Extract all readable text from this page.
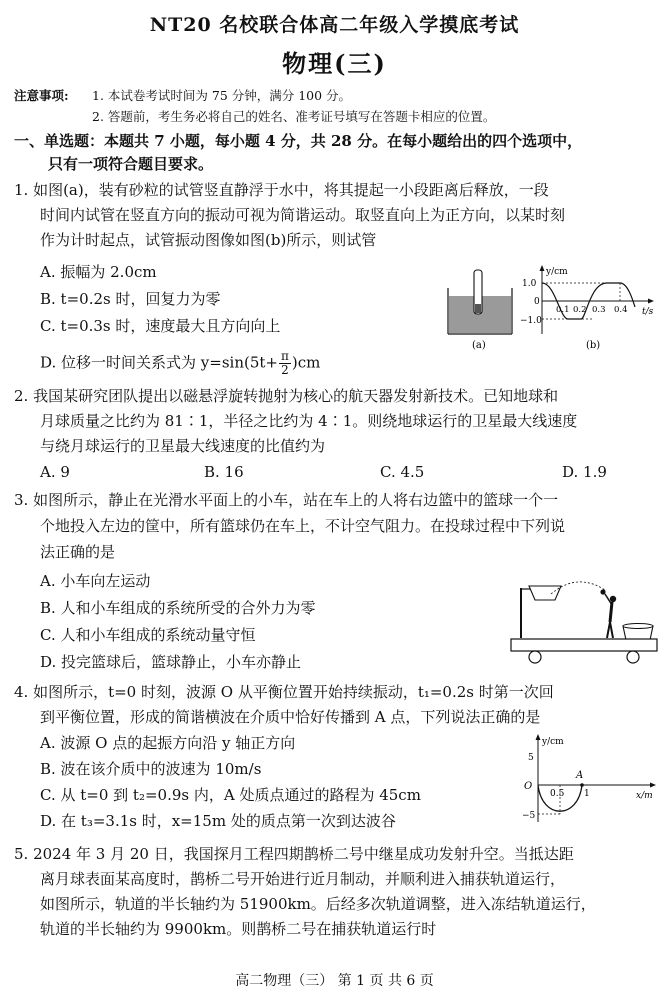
NT20 名校联合体高二年级入学摸底考试
物理(三)
注意事项: 1. 本试卷考试时间为 75 分钟，满分 100 分。
2. 答题前，考生务必将自己的姓名、准考证号填写在答题卡相应的位置。
一、单选题：本题共 7 小题，每小题 4 分，共 28 分。在每小题给出的四个选项中，
只有一项符合题目要求。
1. 如图(a)，装有砂粒的试管竖直静浮于水中，将其提起一小段距离后释放，一段
时间内试管在竖直方向的振动可视为简谐运动。取竖直向上为正方向，以某时刻
作为计时起点，试管振动图像如图(b)所示，则试管
A. 振幅为 2.0cm
B. t=0.2s 时，回复力为零
C. t=0.3s 时，速度最大且方向向上
D. 位移一时间关系式为 $y=\sin(5t+ \frac{\pi}{2} )cm$
(a)
y/cm
1.0
0
−1.0
t/s
0.1 0.2 0.3 0.4
(b)
2. 我国某研究团队提出以磁悬浮旋转抛射为核心的航天器发射新技术。已知地球和
月球质量之比约为 81∶1，半径之比约为 4∶1。则绕地球运行的卫星最大线速度
与绕月球运行的卫星最大线速度的比值约为
A. 9	B. 16	C. 4.5	D. 1.9
3. 如图所示，静止在光滑水平面上的小车，站在车上的人将右边篮中的篮球一个一
个地投入左边的筐中，所有篮球仍在车上，不计空气阻力。在投球过程中下列说
法正确的是
A. 小车向左运动
B. 人和小车组成的系统所受的合外力为零
C. 人和小车组成的系统动量守恒
D. 投完篮球后，篮球静止，小车亦静止
4. 如图所示，t=0 时刻，波源 O 从平衡位置开始持续振动，t₁=0.2s 时第一次回
到平衡位置，形成的简谐横波在介质中恰好传播到 A 点，下列说法正确的是
A. 波源 O 点的起振方向沿 y 轴正方向
B. 波在该介质中的波速为 10m/s
C. 从 t=0 到 t₂=0.9s 内，A 处质点通过的路程为 45cm
D. 在 t₃=3.1s 时，x=15m 处的质点第一次到达波谷
y/cm
5
O
−5
0.5 1
A
x/m
5. 2024 年 3 月 20 日，我国探月工程四期鹊桥二号中继星成功发射升空。当抵达距
离月球表面某高度时，鹊桥二号开始进行近月制动，并顺利进入捕获轨道运行，
如图所示，轨道的半长轴约为 51900km。后经多次轨道调整，进入冻结轨道运行，
轨道的半长轴约为 9900km。则鹊桥二号在捕获轨道运行时
高二物理（三） 第 1 页 共 6 页
